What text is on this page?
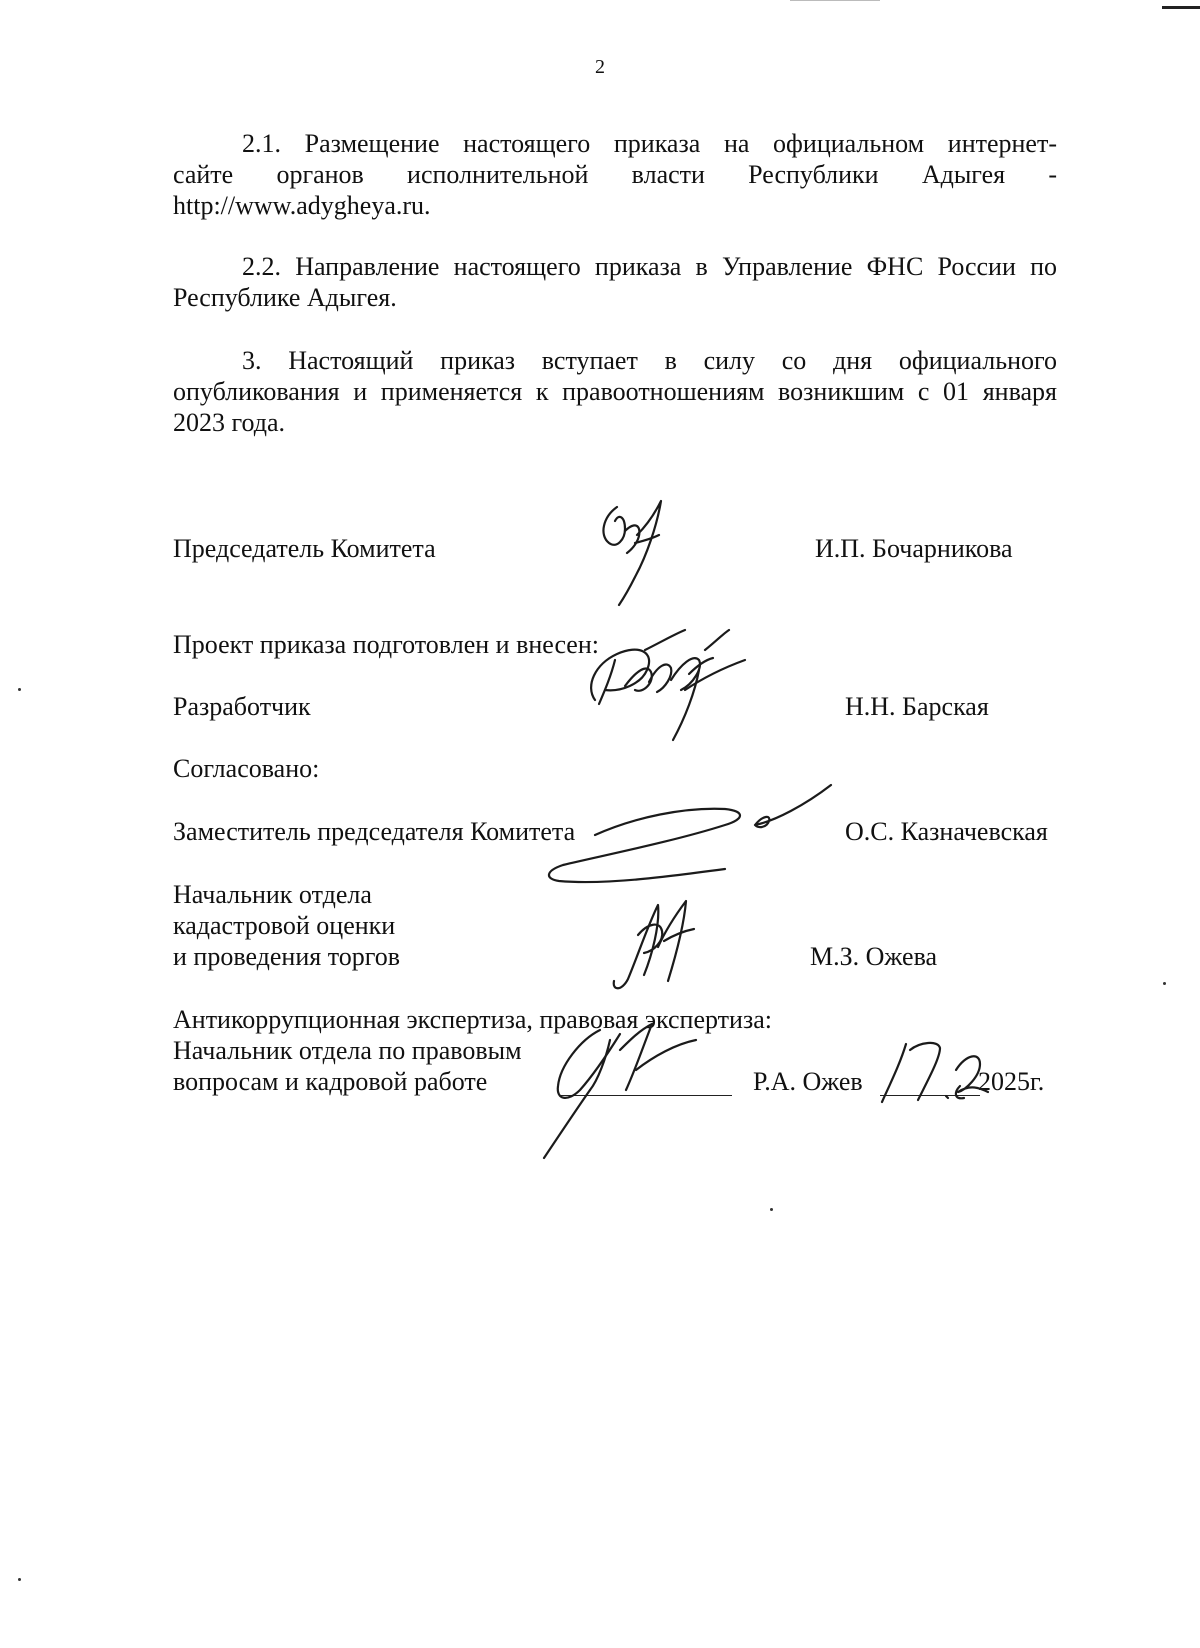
2
2.1. Размещение настоящего приказа на официальном интернет-
сайте органов исполнительной власти Республики Адыгея -
http://www.adygheya.ru.
2.2. Направление настоящего приказа в Управление ФНС России по
Республике Адыгея.
3. Настоящий приказ вступает в силу со дня официального
опубликования и применяется к правоотношениям возникшим с 01 января
2023 года.
Председатель Комитета	И.П. Бочарникова
Проект приказа подготовлен и внесен:
Разработчик	Н.Н. Барская
Согласовано:
Заместитель председателя Комитета	О.С. Казначевская
Начальник отдела
кадастровой оценки
и проведения торгов	М.З. Ожева
Антикоррупционная экспертиза, правовая экспертиза:
Начальник отдела по правовым
вопросам и кадровой работе	Р.А. Ожев	2025г.
